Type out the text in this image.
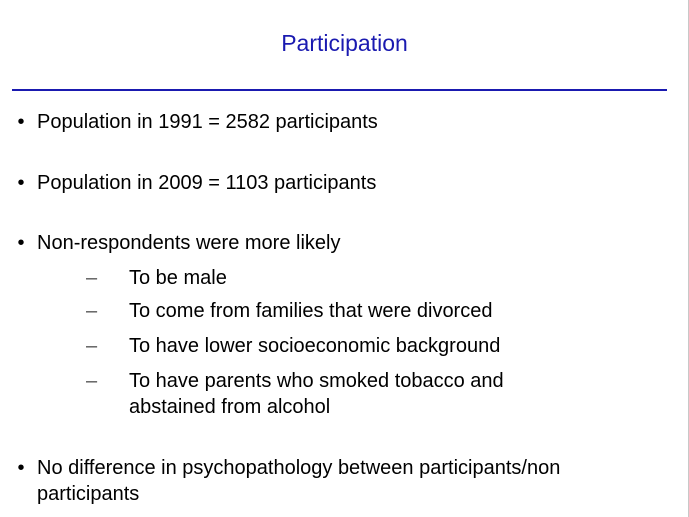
Participation
• Population in 1991 = 2582 participants
• Population in 2009 = 1103 participants
• Non-respondents were more likely
– To be male
– To come from families that were divorced
– To have lower socioeconomic background
– To have parents who smoked tobacco and
abstained from alcohol
• No difference in psychopathology between participants/non
participants
